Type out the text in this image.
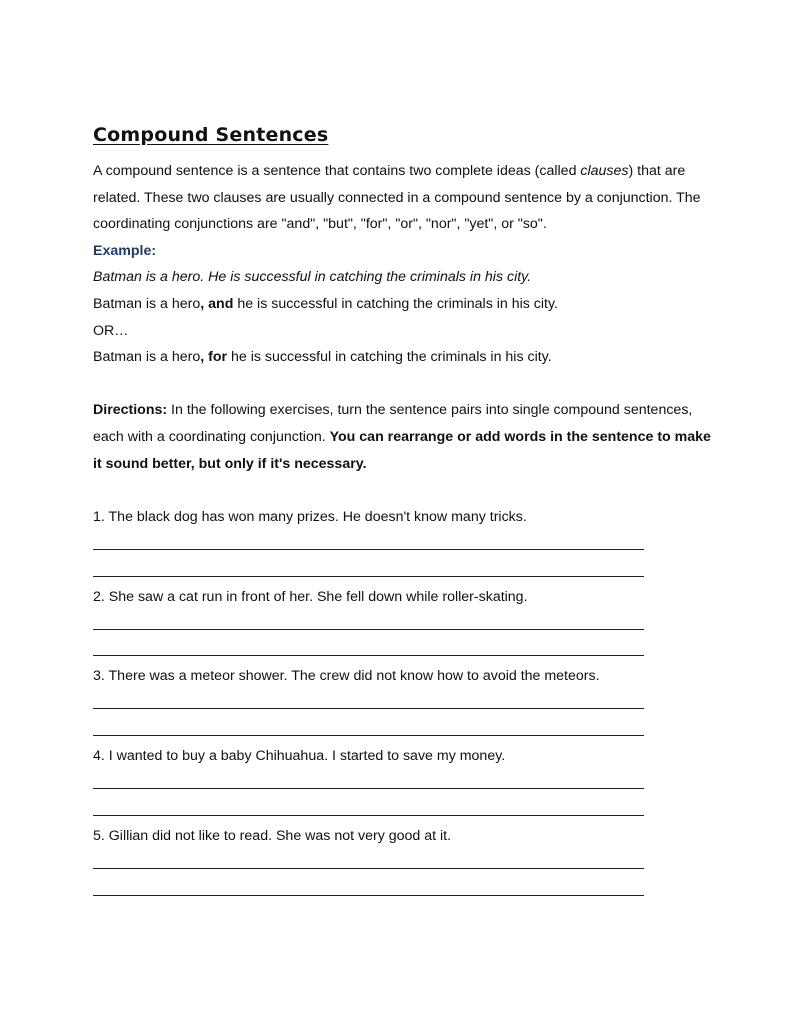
Compound Sentences

A compound sentence is a sentence that contains two complete ideas (called clauses) that are related. These two clauses are usually connected in a compound sentence by a conjunction. The coordinating conjunctions are "and", "but", "for", "or", "nor", "yet", or "so".

Example:

Batman is a hero. He is successful in catching the criminals in his city.

Batman is a hero, and he is successful in catching the criminals in his city.

OR…

Batman is a hero, for he is successful in catching the criminals in his city.

Directions: In the following exercises, turn the sentence pairs into single compound sentences, each with a coordinating conjunction. You can rearrange or add words in the sentence to make it sound better, but only if it's necessary.

1. The black dog has won many prizes. He doesn't know many tricks.

2. She saw a cat run in front of her. She fell down while roller-skating.

3. There was a meteor shower. The crew did not know how to avoid the meteors.

4. I wanted to buy a baby Chihuahua. I started to save my money.

5. Gillian did not like to read. She was not very good at it.
